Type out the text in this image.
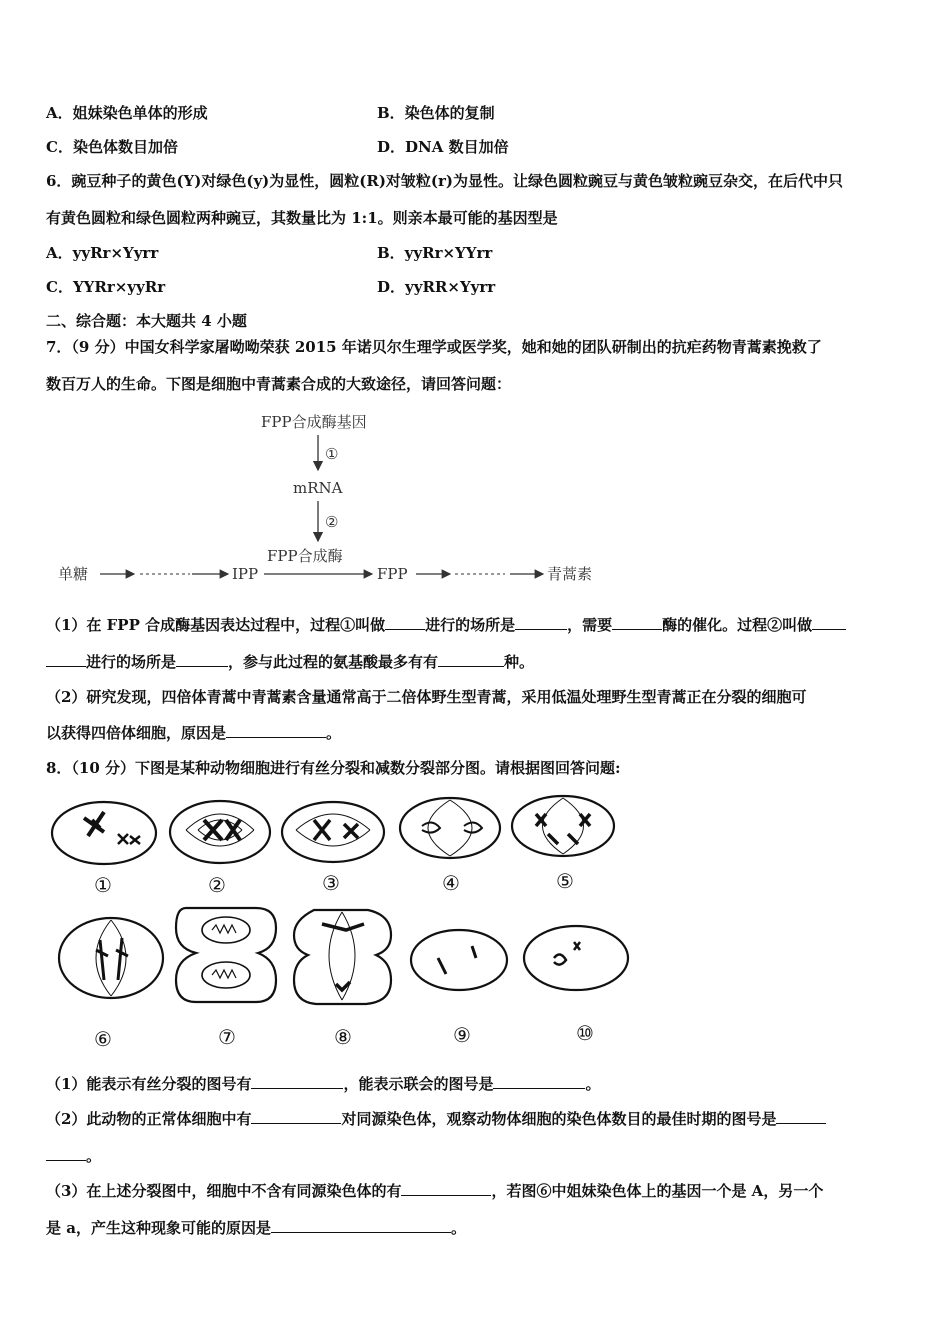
A．姐妹染色单体的形成	B．染色体的复制
C．染色体数目加倍	D．DNA 数目加倍
6．豌豆种子的黄色(Y)对绿色(y)为显性，圆粒(R)对皱粒(r)为显性。让绿色圆粒豌豆与黄色皱粒豌豆杂交，在后代中只
有黄色圆粒和绿色圆粒两种豌豆，其数量比为 1:1。则亲本最可能的基因型是
A．yyRr×Yyrr	B．yyRr×YYrr
C．YYRr×yyRr	D．yyRR×Yyrr
二、综合题：本大题共 4 小题
7．（9 分）中国女科学家屠呦呦荣获 2015 年诺贝尔生理学或医学奖，她和她的团队研制出的抗疟药物青蒿素挽救了
数百万人的生命。下图是细胞中青蒿素合成的大致途径，请回答问题：
FPP合成酶基因
①
mRNA
②
FPP合成酶
单糖	IPP	FPP	青蒿素
（1）在 FPP 合成酶基因表达过程中，过程①叫做	进行的场所是	，需要	酶的催化。过程②叫做
进行的场所是	，参与此过程的氨基酸最多有有	种。
（2）研究发现，四倍体青蒿中青蒿素含量通常高于二倍体野生型青蒿，采用低温处理野生型青蒿正在分裂的细胞可
以获得四倍体细胞，原因是	。
8．（10 分）下图是某种动物细胞进行有丝分裂和减数分裂部分图。请根据图回答问题:
①	②	③	④	⑤
⑥	⑦	⑧	⑨	⑩
（1）能表示有丝分裂的图号有	，能表示联会的图号是	。
（2）此动物的正常体细胞中有	对同源染色体，观察动物体细胞的染色体数目的最佳时期的图号是
。
（3）在上述分裂图中，细胞中不含有同源染色体的有	，若图⑥中姐妹染色体上的基因一个是 A，另一个
是 a，产生这种现象可能的原因是	。
